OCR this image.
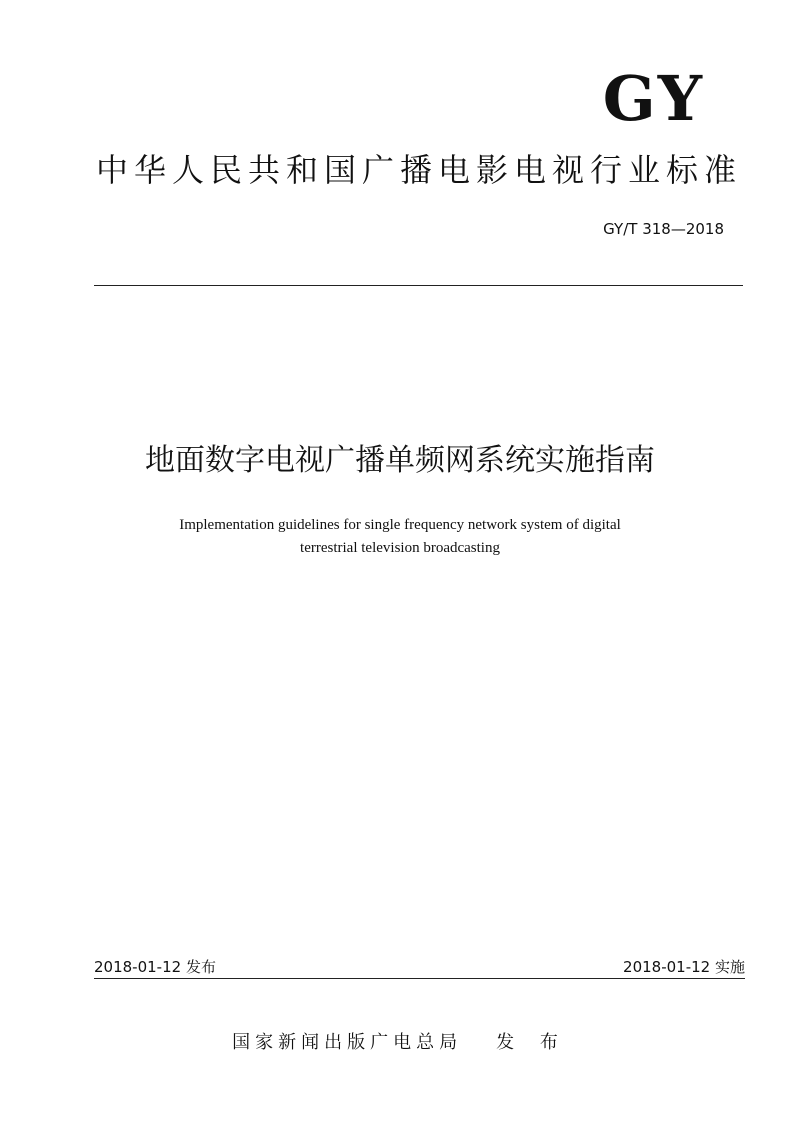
GY
中华人民共和国广播电影电视行业标准
GY/T 318—2018
地面数字电视广播单频网系统实施指南
Implementation guidelines for single frequency network system of digital
terrestrial television broadcasting
2018-01-12 发布	2018-01-12 实施
国家新闻出版广电总局 发 布
